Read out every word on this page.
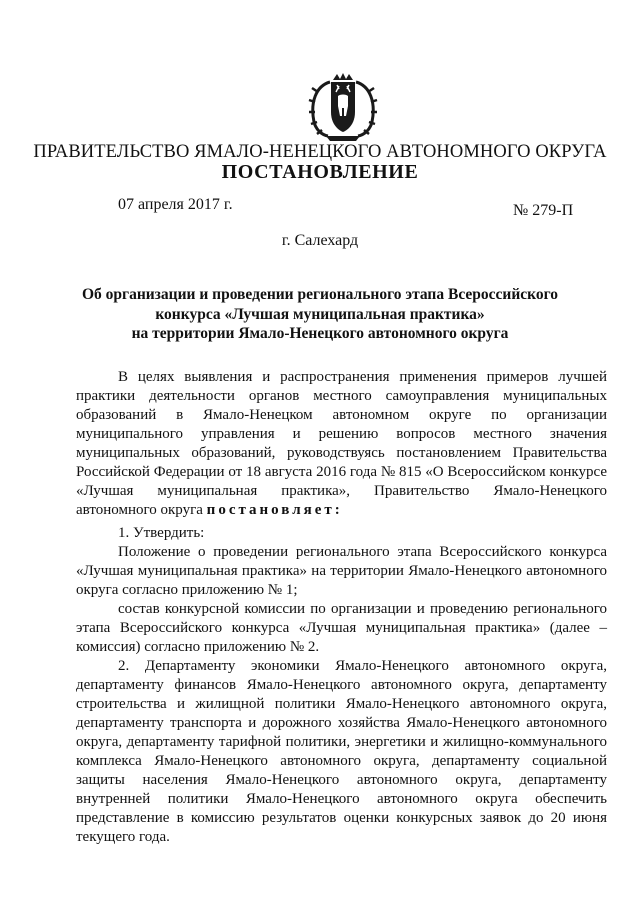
ПРАВИТЕЛЬСТВО ЯМАЛО-НЕНЕЦКОГО АВТОНОМНОГО ОКРУГА
ПОСТАНОВЛЕНИЕ
07 апреля 2017 г.	№ 279-П
г. Салехард
Об организации и проведении регионального этапа Всероссийского
конкурса «Лучшая муниципальная практика»
на территории Ямало-Ненецкого автономного округа

В целях выявления и распространения применения примеров лучшей практики деятельности органов местного самоуправления муниципальных образований в Ямало-Ненецком автономном округе по организации муниципального управления и решению вопросов местного значения муниципальных образований, руководствуясь постановлением Правительства Российской Федерации от 18 августа 2016 года № 815 «О Всероссийском конкурсе «Лучшая муниципальная практика», Правительство Ямало-Ненецкого автономного округа постановляет:

1. Утвердить:

Положение о проведении регионального этапа Всероссийского конкурса «Лучшая муниципальная практика» на территории Ямало-Ненецкого автономного округа согласно приложению № 1;

состав конкурсной комиссии по организации и проведению регионального этапа Всероссийского конкурса «Лучшая муниципальная практика» (далее – комиссия) согласно приложению № 2.

2. Департаменту экономики Ямало-Ненецкого автономного округа, департаменту финансов Ямало-Ненецкого автономного округа, департаменту строительства и жилищной политики Ямало-Ненецкого автономного округа, департаменту транспорта и дорожного хозяйства Ямало-Ненецкого автономного округа, департаменту тарифной политики, энергетики и жилищно-коммунального комплекса Ямало-Ненецкого автономного округа, департаменту социальной защиты населения Ямало-Ненецкого автономного округа, департаменту внутренней политики Ямало-Ненецкого автономного округа обеспечить представление в комиссию результатов оценки конкурсных заявок до 20 июня текущего года.
